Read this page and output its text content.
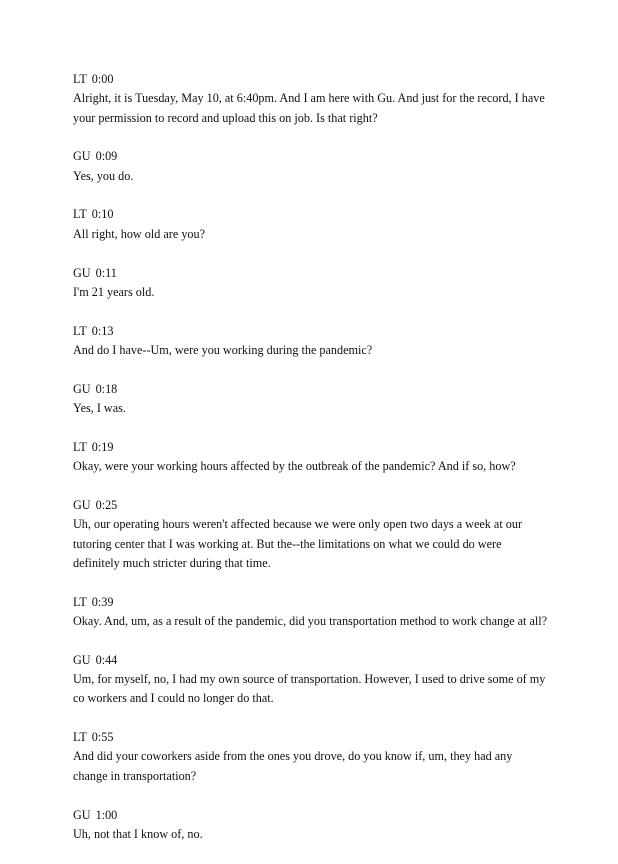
LT 0:00
Alright, it is Tuesday, May 10, at 6:40pm. And I am here with Gu. And just for the record, I have
your permission to record and upload this on job. Is that right?
GU 0:09
Yes, you do.
LT 0:10
All right, how old are you?
GU 0:11
I'm 21 years old.
LT 0:13
And do I have--Um, were you working during the pandemic?
GU 0:18
Yes, I was.
LT 0:19
Okay, were your working hours affected by the outbreak of the pandemic? And if so, how?
GU 0:25
Uh, our operating hours weren't affected because we were only open two days a week at our
tutoring center that I was working at. But the--the limitations on what we could do were
definitely much stricter during that time.
LT 0:39
Okay. And, um, as a result of the pandemic, did you transportation method to work change at all?
GU 0:44
Um, for myself, no, I had my own source of transportation. However, I used to drive some of my
co workers and I could no longer do that.
LT 0:55
And did your coworkers aside from the ones you drove, do you know if, um, they had any
change in transportation?
GU 1:00
Uh, not that I know of, no.
